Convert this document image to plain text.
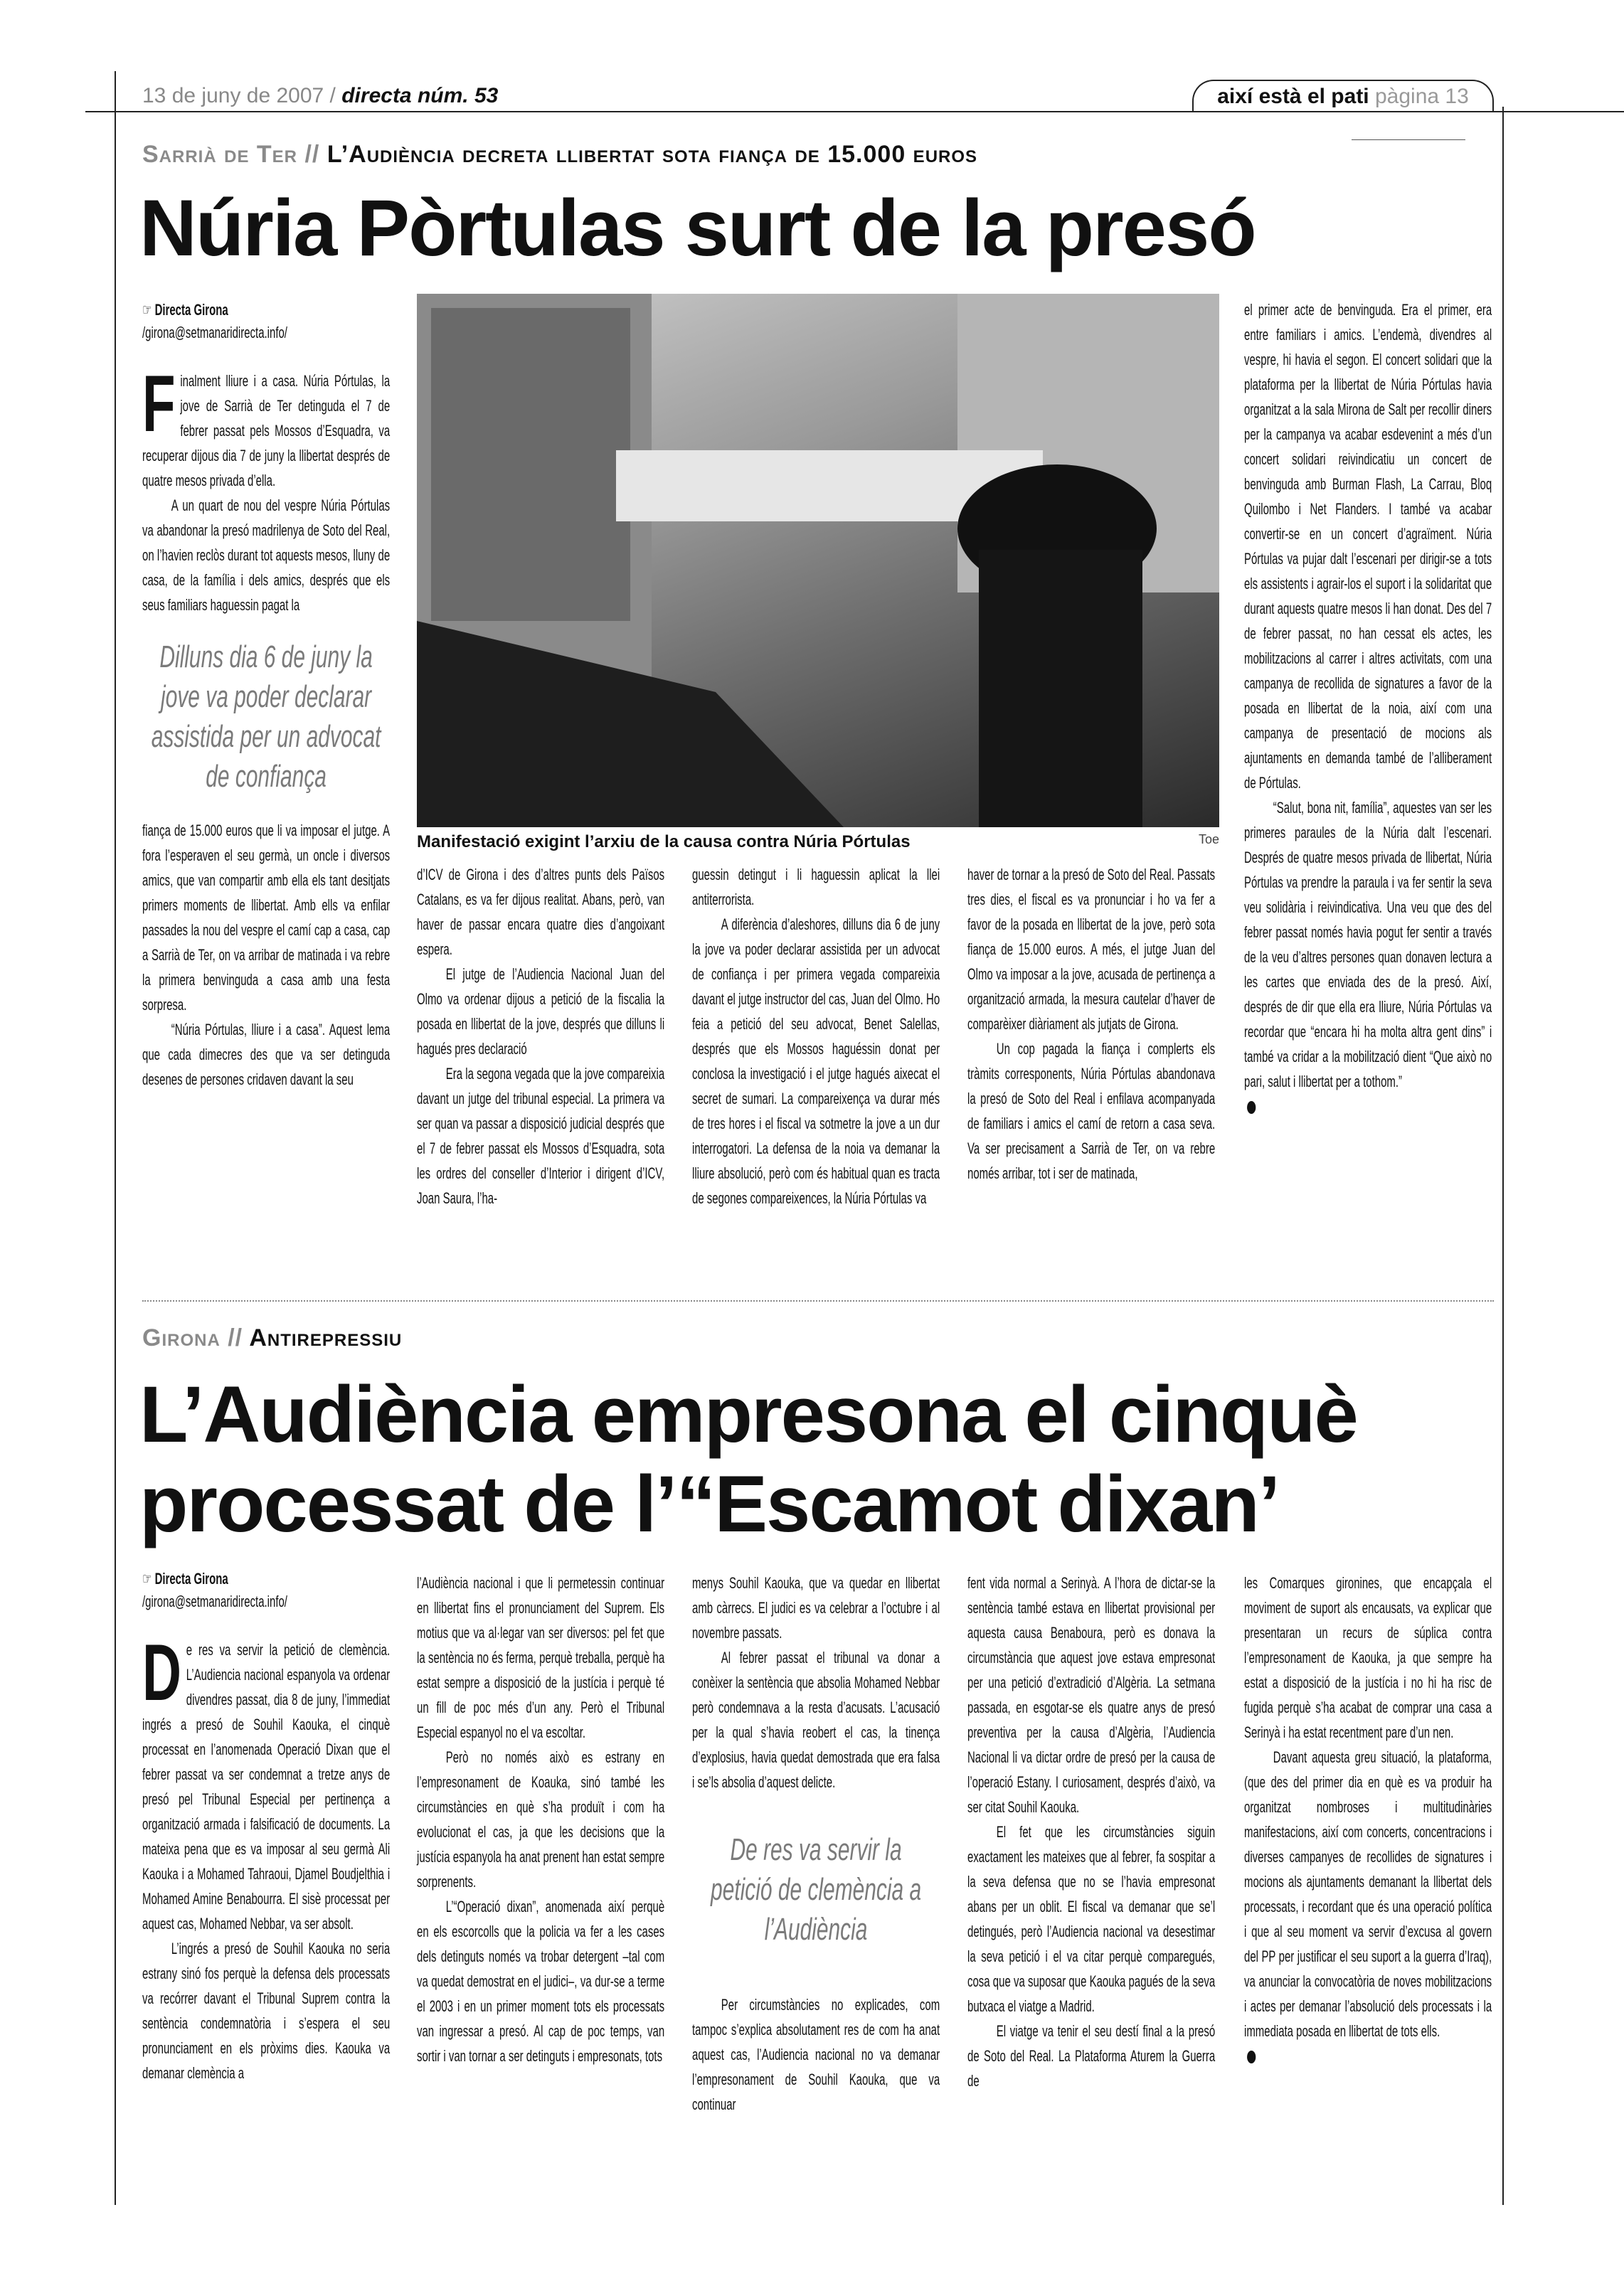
13 de juny de 2007 / directa núm. 53	així està el pati pàgina 13
Sarrià de Ter // L’Audiència decreta llibertat sota fiança de 15.000 euros
Núria Pòrtulas surt de la presó
☞ Directa Girona
/girona@setmanaridirecta.info/

Finalment lliure i a casa. Núria Pórtulas, la jove de Sarrià de Ter detinguda el 7 de febrer passat pels Mossos d’Esquadra, va recuperar dijous dia 7 de juny la llibertat després de quatre mesos privada d’ella.

A un quart de nou del vespre Núria Pórtulas va abandonar la presó madrilenya de Soto del Real, on l’havien reclòs durant tot aquests mesos, lluny de casa, de la família i dels amics, després que els seus familiars haguessin pagat la

Dilluns dia 6 de juny la jove va poder declarar assistida per un advocat de confiança

fiança de 15.000 euros que li va imposar el jutge. A fora l’esperaven el seu germà, un oncle i diversos amics, que van compartir amb ella els tant desitjats primers moments de llibertat. Amb ells va enfilar passades la nou del vespre el camí cap a casa, cap a Sarrià de Ter, on va arribar de matinada i va rebre la primera benvinguda a casa amb una festa sorpresa.

“Núria Pórtulas, lliure i a casa”. Aquest lema que cada dimecres des que va ser detinguda desenes de persones cridaven davant la seu

Manifestació exigint l’arxiu de la causa contra Núria Pórtulas	Toe

d’ICV de Girona i des d’altres punts dels Països Catalans, es va fer dijous realitat. Abans, però, van haver de passar encara quatre dies d’angoixant espera.

El jutge de l’Audiencia Nacional Juan del Olmo va ordenar dijous a petició de la fiscalia la posada en llibertat de la jove, després que dilluns li hagués pres declaració

Era la segona vegada que la jove compareixia davant un jutge del tribunal especial. La primera va ser quan va passar a disposició judicial després que el 7 de febrer passat els Mossos d’Esquadra, sota les ordres del conseller d’Interior i dirigent d’ICV, Joan Saura, l’ha-

guessin detingut i li haguessin aplicat la llei antiterrorista.

A diferència d’aleshores, dilluns dia 6 de juny la jove va poder declarar assistida per un advocat de confiança i per primera vegada compareixia davant el jutge instructor del cas, Juan del Olmo. Ho feia a petició del seu advocat, Benet Salellas, després que els Mossos haguéssin donat per conclosa la investigació i el jutge hagués aixecat el secret de sumari. La compareixença va durar més de tres hores i el fiscal va sotmetre la jove a un dur interrogatori. La defensa de la noia va demanar la lliure absolució, però com és habitual quan es tracta de segones compareixences, la Núria Pórtulas va

haver de tornar a la presó de Soto del Real. Passats tres dies, el fiscal es va pronunciar i ho va fer a favor de la posada en llibertat de la jove, però sota fiança de 15.000 euros. A més, el jutge Juan del Olmo va imposar a la jove, acusada de pertinença a organització armada, la mesura cautelar d’haver de comparèixer diàriament als jutjats de Girona.

Un cop pagada la fiança i complerts els tràmits corresponents, Núria Pórtulas abandonava la presó de Soto del Real i enfilava acompanyada de familiars i amics el camí de retorn a casa seva. Va ser precisament a Sarrià de Ter, on va rebre només arribar, tot i ser de matinada,

el primer acte de benvinguda. Era el primer, era entre familiars i amics. L’endemà, divendres al vespre, hi havia el segon. El concert solidari que la plataforma per la llibertat de Núria Pórtulas havia organitzat a la sala Mirona de Salt per recollir diners per la campanya va acabar esdevenint a més d’un concert solidari reivindicatiu un concert de benvinguda amb Burman Flash, La Carrau, Bloq Quilombo i Net Flanders. I també va acabar convertir-se en un concert d’agraïment. Núria Pórtulas va pujar dalt l’escenari per dirigir-se a tots els assistents i agrair-los el suport i la solidaritat que durant aquests quatre mesos li han donat. Des del 7 de febrer passat, no han cessat els actes, les mobilitzacions al carrer i altres activitats, com una campanya de recollida de signatures a favor de la posada en llibertat de la noia, així com una campanya de presentació de mocions als ajuntaments en demanda també de l’alliberament de Pórtulas.

“Salut, bona nit, família”, aquestes van ser les primeres paraules de la Núria dalt l’escenari. Després de quatre mesos privada de llibertat, Núria Pórtulas va prendre la paraula i va fer sentir la seva veu solidària i reivindicativa. Una veu que des del febrer passat només havia pogut fer sentir a través de la veu d’altres persones quan donaven lectura a les cartes que enviada des de la presó. Així, després de dir que ella era lliure, Núria Pórtulas va recordar que “encara hi ha molta altra gent dins” i també va cridar a la mobilització dient “Que això no pari, salut i llibertat per a tothom.”

Girona // Antirepressiu
L’Audiència empresona el cinquè
processat de l’“Escamot dixan’
☞ Directa Girona
/girona@setmanaridirecta.info/

De res va servir la petició de clemència. L’Audiencia nacional espanyola va ordenar divendres passat, dia 8 de juny, l’immediat ingrés a presó de Souhil Kaouka, el cinquè processat en l’anomenada Operació Dixan que el febrer passat va ser condemnat a tretze anys de presó pel Tribunal Especial per pertinença a organització armada i falsificació de documents. La mateixa pena que es va imposar al seu germà Ali Kaouka i a Mohamed Tahraoui, Djamel Boudjelthia i Mohamed Amine Benabourra. El sisè processat per aquest cas, Mohamed Nebbar, va ser absolt.

L’ingrés a presó de Souhil Kaouka no seria estrany sinó fos perquè la defensa dels processats va recórrer davant el Tribunal Suprem contra la sentència condemnatòria i s’espera el seu pronunciament en els pròxims dies. Kaouka va demanar clemència a

l’Audiència nacional i que li permetessin continuar en llibertat fins el pronunciament del Suprem. Els motius que va al·legar van ser diversos: pel fet que la sentència no és ferma, perquè treballa, perquè ha estat sempre a disposició de la justícia i perquè té un fill de poc més d’un any. Però el Tribunal Especial espanyol no el va escoltar.

Però no només això es estrany en l’empresonament de Koauka, sinó també les circumstàncies en què s’ha produït i com ha evolucionat el cas, ja que les decisions que la justícia espanyola ha anat prenent han estat sempre sorprenents.

L’“Operació dixan”, anomenada així perquè en els escorcolls que la policia va fer a les cases dels detinguts només va trobar detergent –tal com va quedat demostrat en el judici–, va dur-se a terme el 2003 i en un primer moment tots els processats van ingressar a presó. Al cap de poc temps, van sortir i van tornar a ser detinguts i empresonats, tots

menys Souhil Kaouka, que va quedar en llibertat amb càrrecs. El judici es va celebrar a l’octubre i al novembre passats.

Al febrer passat el tribunal va donar a conèixer la sentència que absolia Mohamed Nebbar però condemnava a la resta d’acusats. L’acusació per la qual s’havia reobert el cas, la tinença d’explosius, havia quedat demostrada que era falsa i se’ls absolia d’aquest delicte.

De res va servir la petició de clemència a l’Audiència

Per circumstàncies no explicades, com tampoc s’explica absolutament res de com ha anat aquest cas, l’Audiencia nacional no va demanar l’empresonament de Souhil Kaouka, que va continuar

fent vida normal a Serinyà. A l’hora de dictar-se la sentència també estava en llibertat provisional per aquesta causa Benaboura, però es donava la circumstància que aquest jove estava empresonat per una petició d’extradició d’Algèria. La setmana passada, en esgotar-se els quatre anys de presó preventiva per la causa d’Algèria, l’Audiencia Nacional li va dictar ordre de presó per la causa de l’operació Estany. I curiosament, després d’això, va ser citat Souhil Kaouka.

El fet que les circumstàncies siguin exactament les mateixes que al febrer, fa sospitar a la seva defensa que no se l’havia empresonat abans per un oblit. El fiscal va demanar que se’l detingués, però l’Audiencia nacional va desestimar la seva petició i el va citar perquè comparegués, cosa que va suposar que Kaouka pagués de la seva butxaca el viatge a Madrid.

El viatge va tenir el seu destí final a la presó de Soto del Real. La Plataforma Aturem la Guerra de

les Comarques gironines, que encapçala el moviment de suport als encausats, va explicar que presentaran un recurs de súplica contra l’empresonament de Kaouka, ja que sempre ha estat a disposició de la justícia i no hi ha risc de fugida perquè s’ha acabat de comprar una casa a Serinyà i ha estat recentment pare d’un nen.

Davant aquesta greu situació, la plataforma, (que des del primer dia en què es va produir ha organitzat nombroses i multitudinàries manifestacions, així com concerts, concentracions i diverses campanyes de recollides de signatures i mocions als ajuntaments demanant la llibertat dels processats, i recordant que és una operació política i que al seu moment va servir d’excusa al govern del PP per justificar el seu suport a la guerra d’Iraq), va anunciar la convocatòria de noves mobilitzacions i actes per demanar l’absolució dels processats i la immediata posada en llibertat de tots ells.
